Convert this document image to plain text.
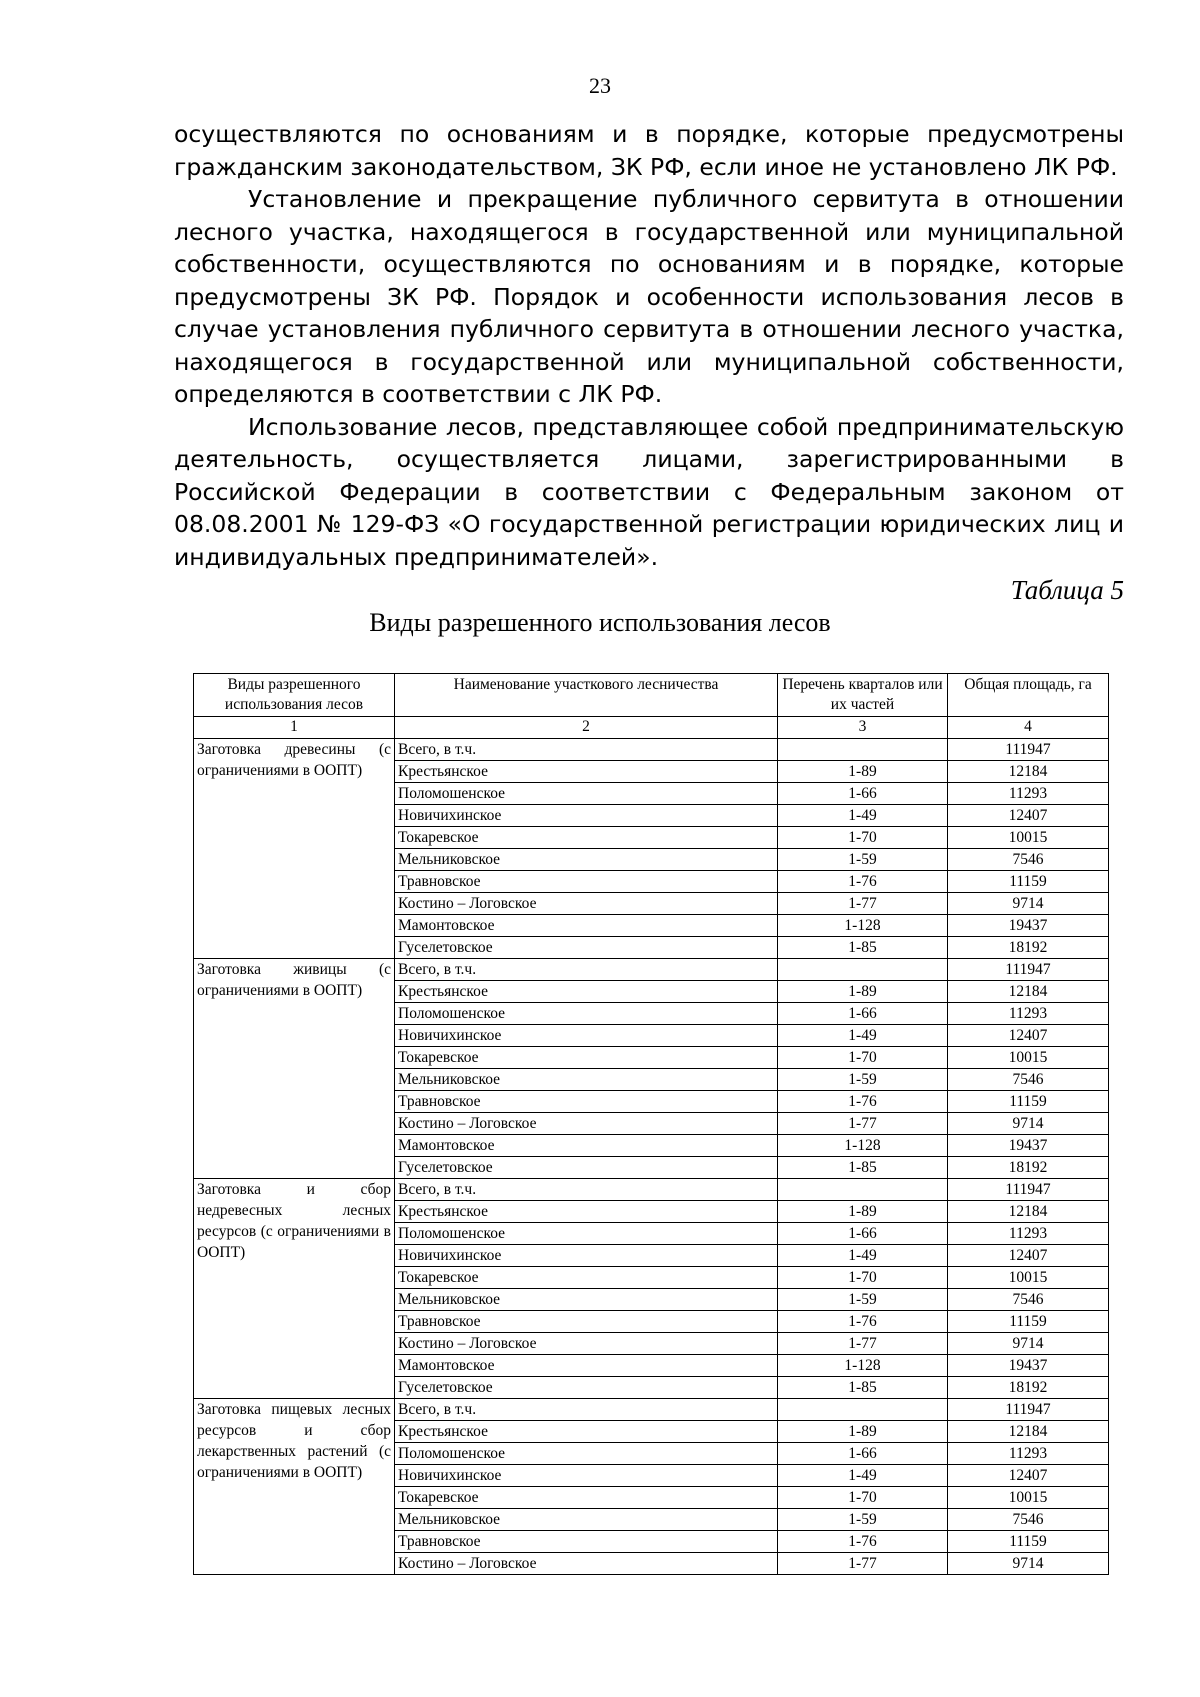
23

осуществляются по основаниям и в порядке, которые предусмотрены гражданским законодательством, ЗК РФ, если иное не установлено ЛК РФ.

Установление и прекращение публичного сервитута в отношении лесного участка, находящегося в государственной или муниципальной собственности, осуществляются по основаниям и в порядке, которые предусмотрены ЗК РФ. Порядок и особенности использования лесов в случае установления публичного сервитута в отношении лесного участка, находящегося в государственной или муниципальной собственности, определяются в соответствии с ЛК РФ.

Использование лесов, представляющее собой предпринимательскую деятельность, осуществляется лицами, зарегистрированными в Российской Федерации в соответствии с Федеральным законом от 08.08.2001 № 129-ФЗ «О государственной регистрации юридических лиц и индивидуальных предпринимателей».

Таблица 5
Виды разрешенного использования лесов
Виды разрешенного использования лесов	Наименование участкового лесничества	Перечень кварталов или их частей	Общая площадь, га
1	2	3	4
Заготовка древесины (с ограничениями в ООПТ)	Всего, в т.ч.		111947
	Крестьянское	1-89	12184
	Поломошенское	1-66	11293
	Новичихинское	1-49	12407
	Токаревское	1-70	10015
	Мельниковское	1-59	7546
	Травновское	1-76	11159
	Костино – Логовское	1-77	9714
	Мамонтовское	1-128	19437
	Гуселетовское	1-85	18192
Заготовка живицы (с ограничениями в ООПТ)	Всего, в т.ч.		111947
	Крестьянское	1-89	12184
	Поломошенское	1-66	11293
	Новичихинское	1-49	12407
	Токаревское	1-70	10015
	Мельниковское	1-59	7546
	Травновское	1-76	11159
	Костино – Логовское	1-77	9714
	Мамонтовское	1-128	19437
	Гуселетовское	1-85	18192
Заготовка и сбор недревесных лесных ресурсов (с ограничениями в ООПТ)	Всего, в т.ч.		111947
	Крестьянское	1-89	12184
	Поломошенское	1-66	11293
	Новичихинское	1-49	12407
	Токаревское	1-70	10015
	Мельниковское	1-59	7546
	Травновское	1-76	11159
	Костино – Логовское	1-77	9714
	Мамонтовское	1-128	19437
	Гуселетовское	1-85	18192
Заготовка пищевых лесных ресурсов и сбор лекарственных растений (с ограничениями в ООПТ)	Всего, в т.ч.		111947
	Крестьянское	1-89	12184
	Поломошенское	1-66	11293
	Новичихинское	1-49	12407
	Токаревское	1-70	10015
	Мельниковское	1-59	7546
	Травновское	1-76	11159
	Костино – Логовское	1-77	9714
